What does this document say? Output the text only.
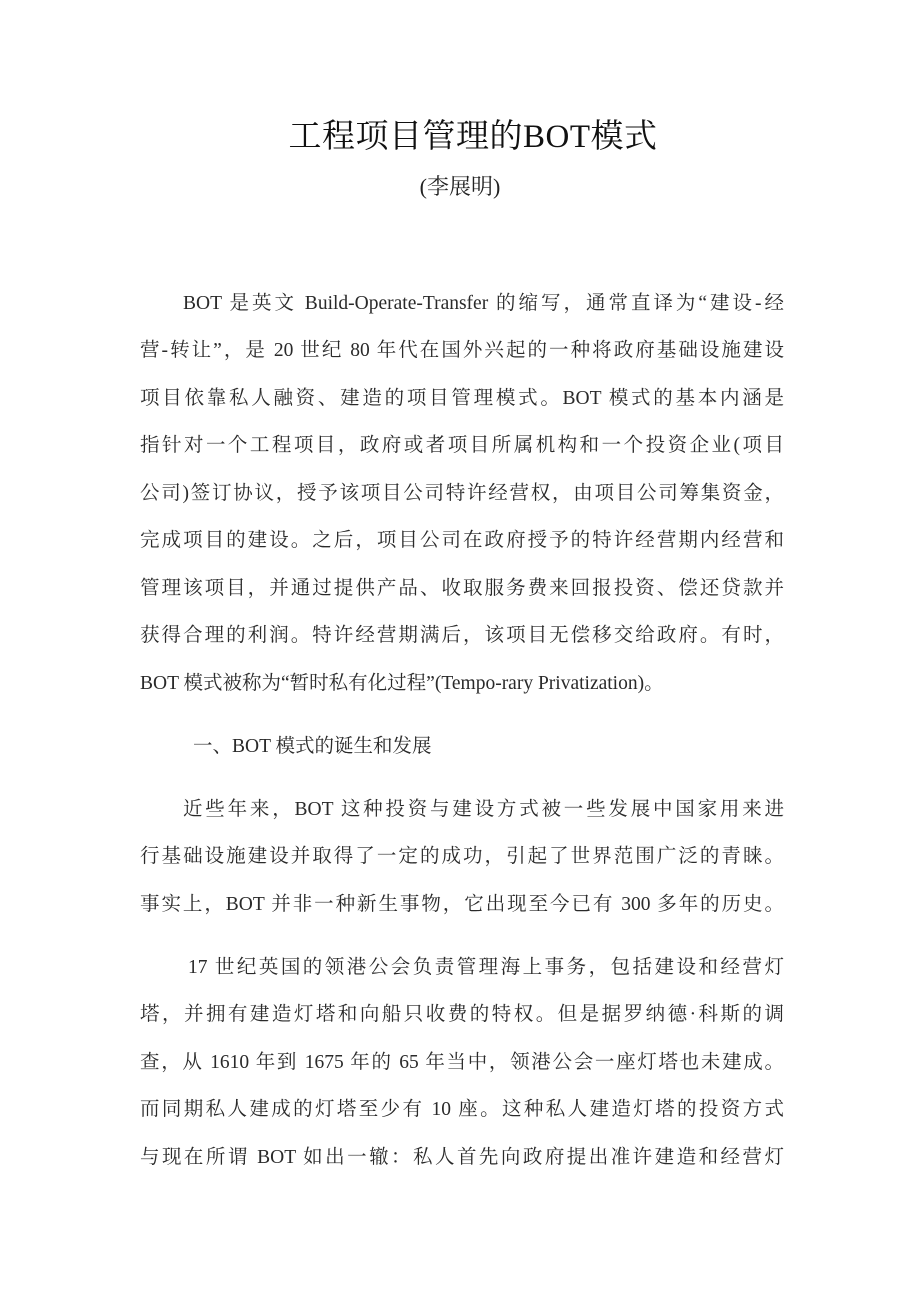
工程项目管理的BOT模式
(李展明)
BOT 是英文 Build-Operate-Transfer 的缩写，通常直译为“建设-经
营-转让”，是 20 世纪 80 年代在国外兴起的一种将政府基础设施建设
项目依靠私人融资、建造的项目管理模式。BOT 模式的基本内涵是
指针对一个工程项目，政府或者项目所属机构和一个投资企业(项目
公司)签订协议，授予该项目公司特许经营权，由项目公司筹集资金，
完成项目的建设。之后，项目公司在政府授予的特许经营期内经营和
管理该项目，并通过提供产品、收取服务费来回报投资、偿还贷款并
获得合理的利润。特许经营期满后，该项目无偿移交给政府。有时，
BOT 模式被称为“暂时私有化过程”(Tempo-rary Privatization)。
一、BOT 模式的诞生和发展
近些年来，BOT 这种投资与建设方式被一些发展中国家用来进
行基础设施建设并取得了一定的成功，引起了世界范围广泛的青睐。
事实上，BOT 并非一种新生事物，它出现至今已有 300 多年的历史。
17 世纪英国的领港公会负责管理海上事务，包括建设和经营灯
塔，并拥有建造灯塔和向船只收费的特权。但是据罗纳德·科斯的调
查，从 1610 年到 1675 年的 65 年当中，领港公会一座灯塔也未建成。
而同期私人建成的灯塔至少有 10 座。这种私人建造灯塔的投资方式
与现在所谓 BOT 如出一辙：私人首先向政府提出准许建造和经营灯
